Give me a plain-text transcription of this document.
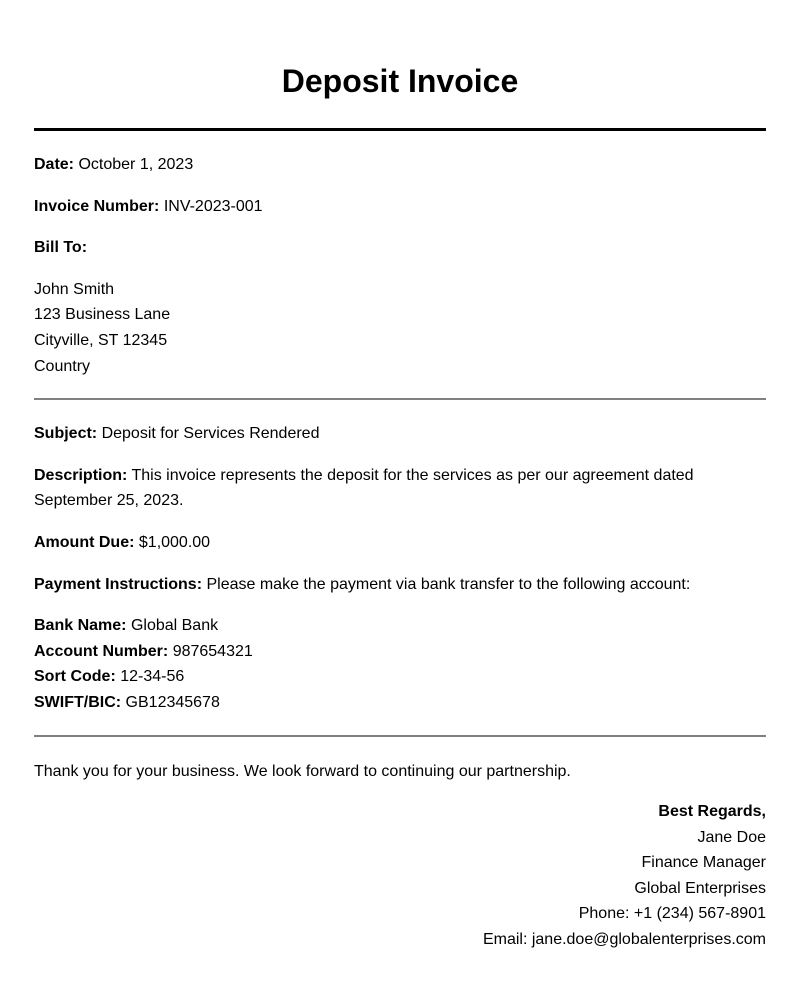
Deposit Invoice

Date: October 1, 2023

Invoice Number: INV-2023-001

Bill To:

John Smith
123 Business Lane
Cityville, ST 12345
Country

Subject: Deposit for Services Rendered

Description: This invoice represents the deposit for the services as per our agreement dated September 25, 2023.

Amount Due: $1,000.00

Payment Instructions: Please make the payment via bank transfer to the following account:

Bank Name: Global Bank
Account Number: 987654321
Sort Code: 12-34-56
SWIFT/BIC: GB12345678

Thank you for your business. We look forward to continuing our partnership.

Best Regards,
Jane Doe
Finance Manager
Global Enterprises
Phone: +1 (234) 567-8901
Email: jane.doe@globalenterprises.com
